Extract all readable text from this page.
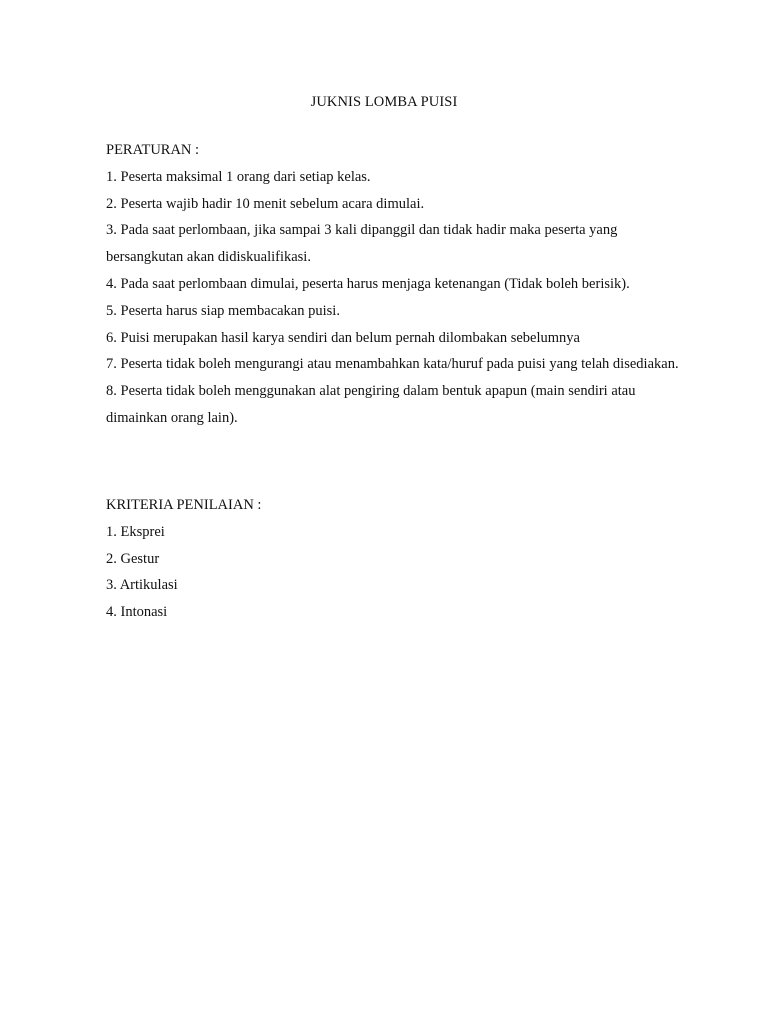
JUKNIS LOMBA PUISI
PERATURAN :
1. Peserta maksimal 1 orang dari setiap kelas.
2. Peserta wajib hadir 10 menit sebelum acara dimulai.
3. Pada saat perlombaan, jika sampai 3 kali dipanggil dan tidak hadir maka peserta yang bersangkutan akan didiskualifikasi.
4. Pada saat perlombaan dimulai, peserta harus menjaga ketenangan (Tidak boleh berisik).
5. Peserta harus siap membacakan puisi.
6. Puisi merupakan hasil karya sendiri dan belum pernah dilombakan sebelumnya
7. Peserta tidak boleh mengurangi atau menambahkan kata/huruf pada puisi yang telah disediakan.
8. Peserta tidak boleh menggunakan alat pengiring dalam bentuk apapun (main sendiri atau dimainkan orang lain).
KRITERIA PENILAIAN :
1. Eksprei
2. Gestur
3. Artikulasi
4. Intonasi
